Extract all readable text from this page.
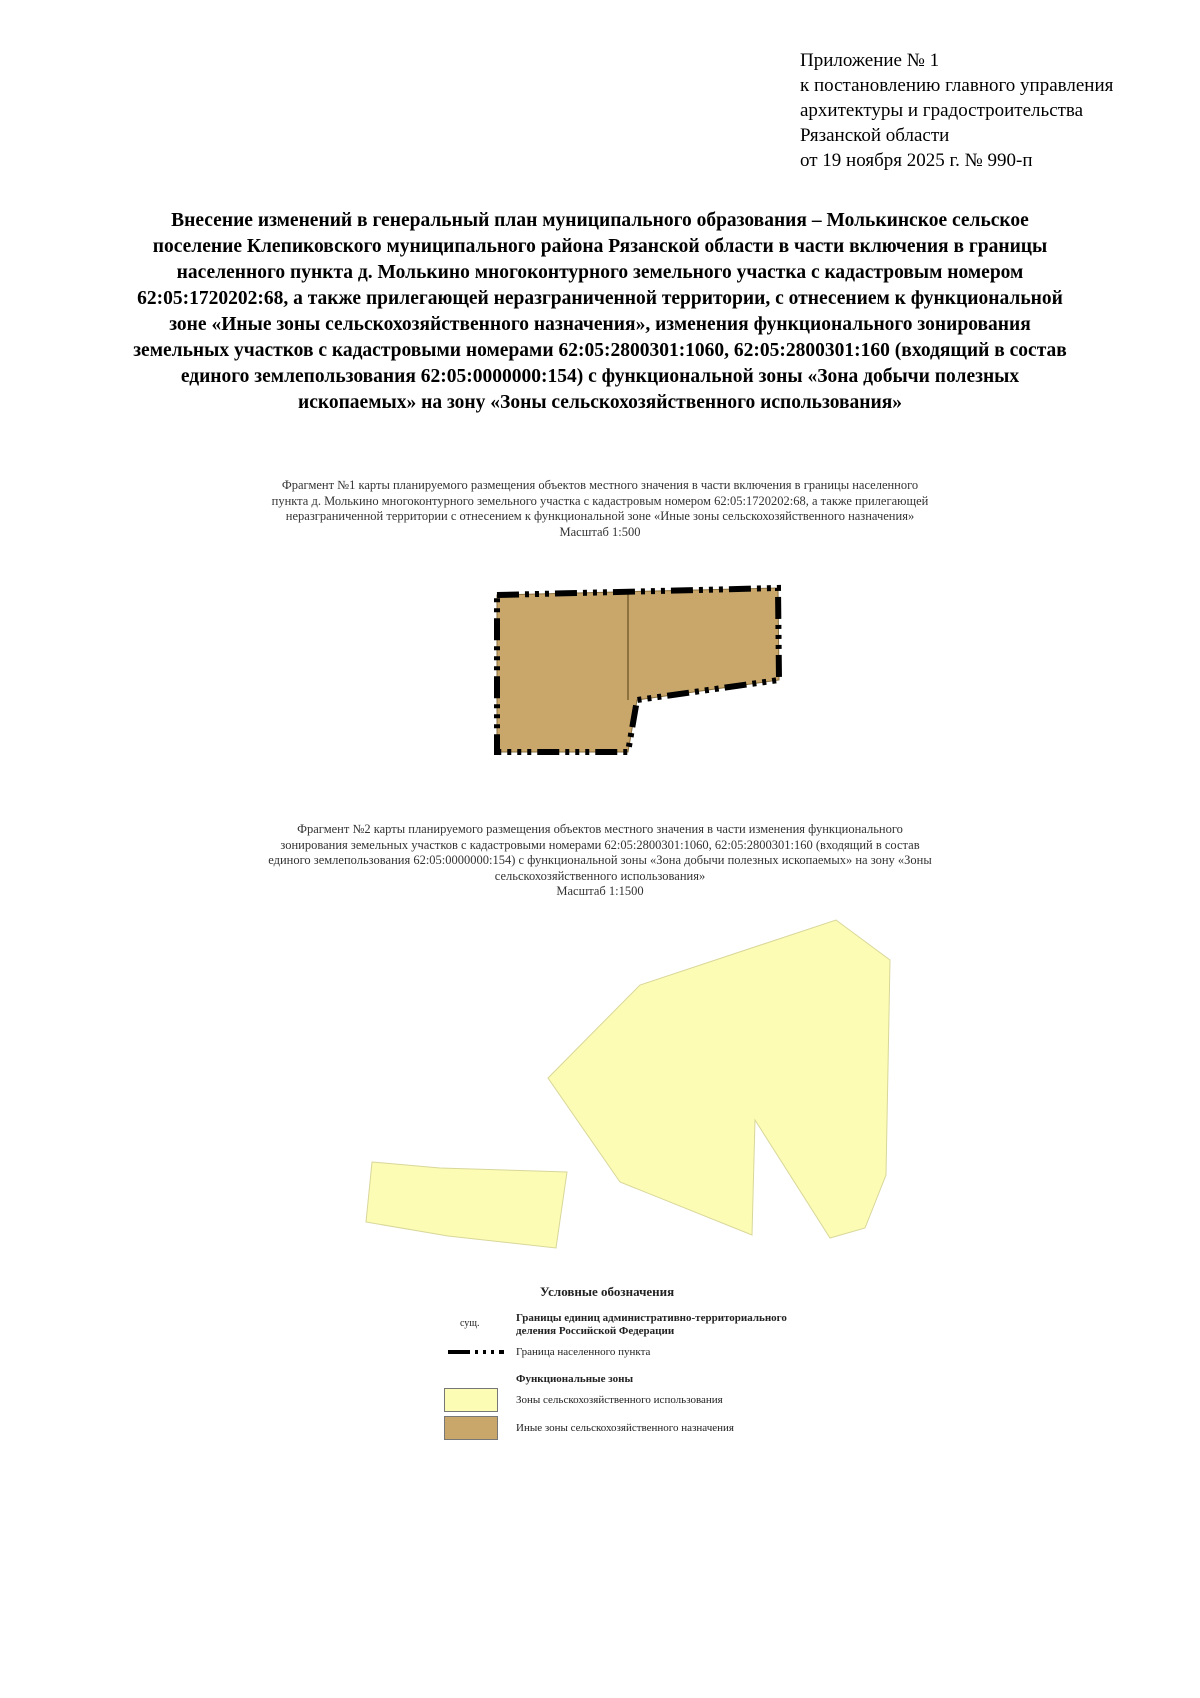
Приложение № 1
к постановлению главного управления
архитектуры и градостроительства
Рязанской области
от 19 ноября 2025 г. № 990-п
Внесение изменений в генеральный план муниципального образования – Молькинское сельское
поселение Клепиковского муниципального района Рязанской области в части включения в границы
населенного пункта д. Молькино многоконтурного земельного участка с кадастровым номером
62:05:1720202:68, а также прилегающей неразграниченной территории, с отнесением к функциональной
зоне «Иные зоны сельскохозяйственного назначения», изменения функционального зонирования
земельных участков с кадастровыми номерами 62:05:2800301:1060, 62:05:2800301:160 (входящий в состав
единого землепользования 62:05:0000000:154) с функциональной зоны «Зона добычи полезных
ископаемых» на зону «Зоны сельскохозяйственного использования»
Фрагмент №1 карты планируемого размещения объектов местного значения в части включения в границы населенного
пункта д. Молькино многоконтурного земельного участка с кадастровым номером 62:05:1720202:68, а также прилегающей
неразграниченной территории с отнесением к функциональной зоне «Иные зоны сельскохозяйственного назначения»
Масштаб 1:500
Фрагмент №2 карты планируемого размещения объектов местного значения в части изменения функционального
зонирования земельных участков с кадастровыми номерами 62:05:2800301:1060, 62:05:2800301:160 (входящий в состав
единого землепользования 62:05:0000000:154) с функциональной зоны «Зона добычи полезных ископаемых» на зону «Зоны
сельскохозяйственного использования»
Масштаб 1:1500
Условные обозначения
сущ.	Границы единиц административно-территориального
деления Российской Федерации
Граница населенного пункта
Функциональные зоны
Зоны сельскохозяйственного использования
Иные зоны сельскохозяйственного назначения
